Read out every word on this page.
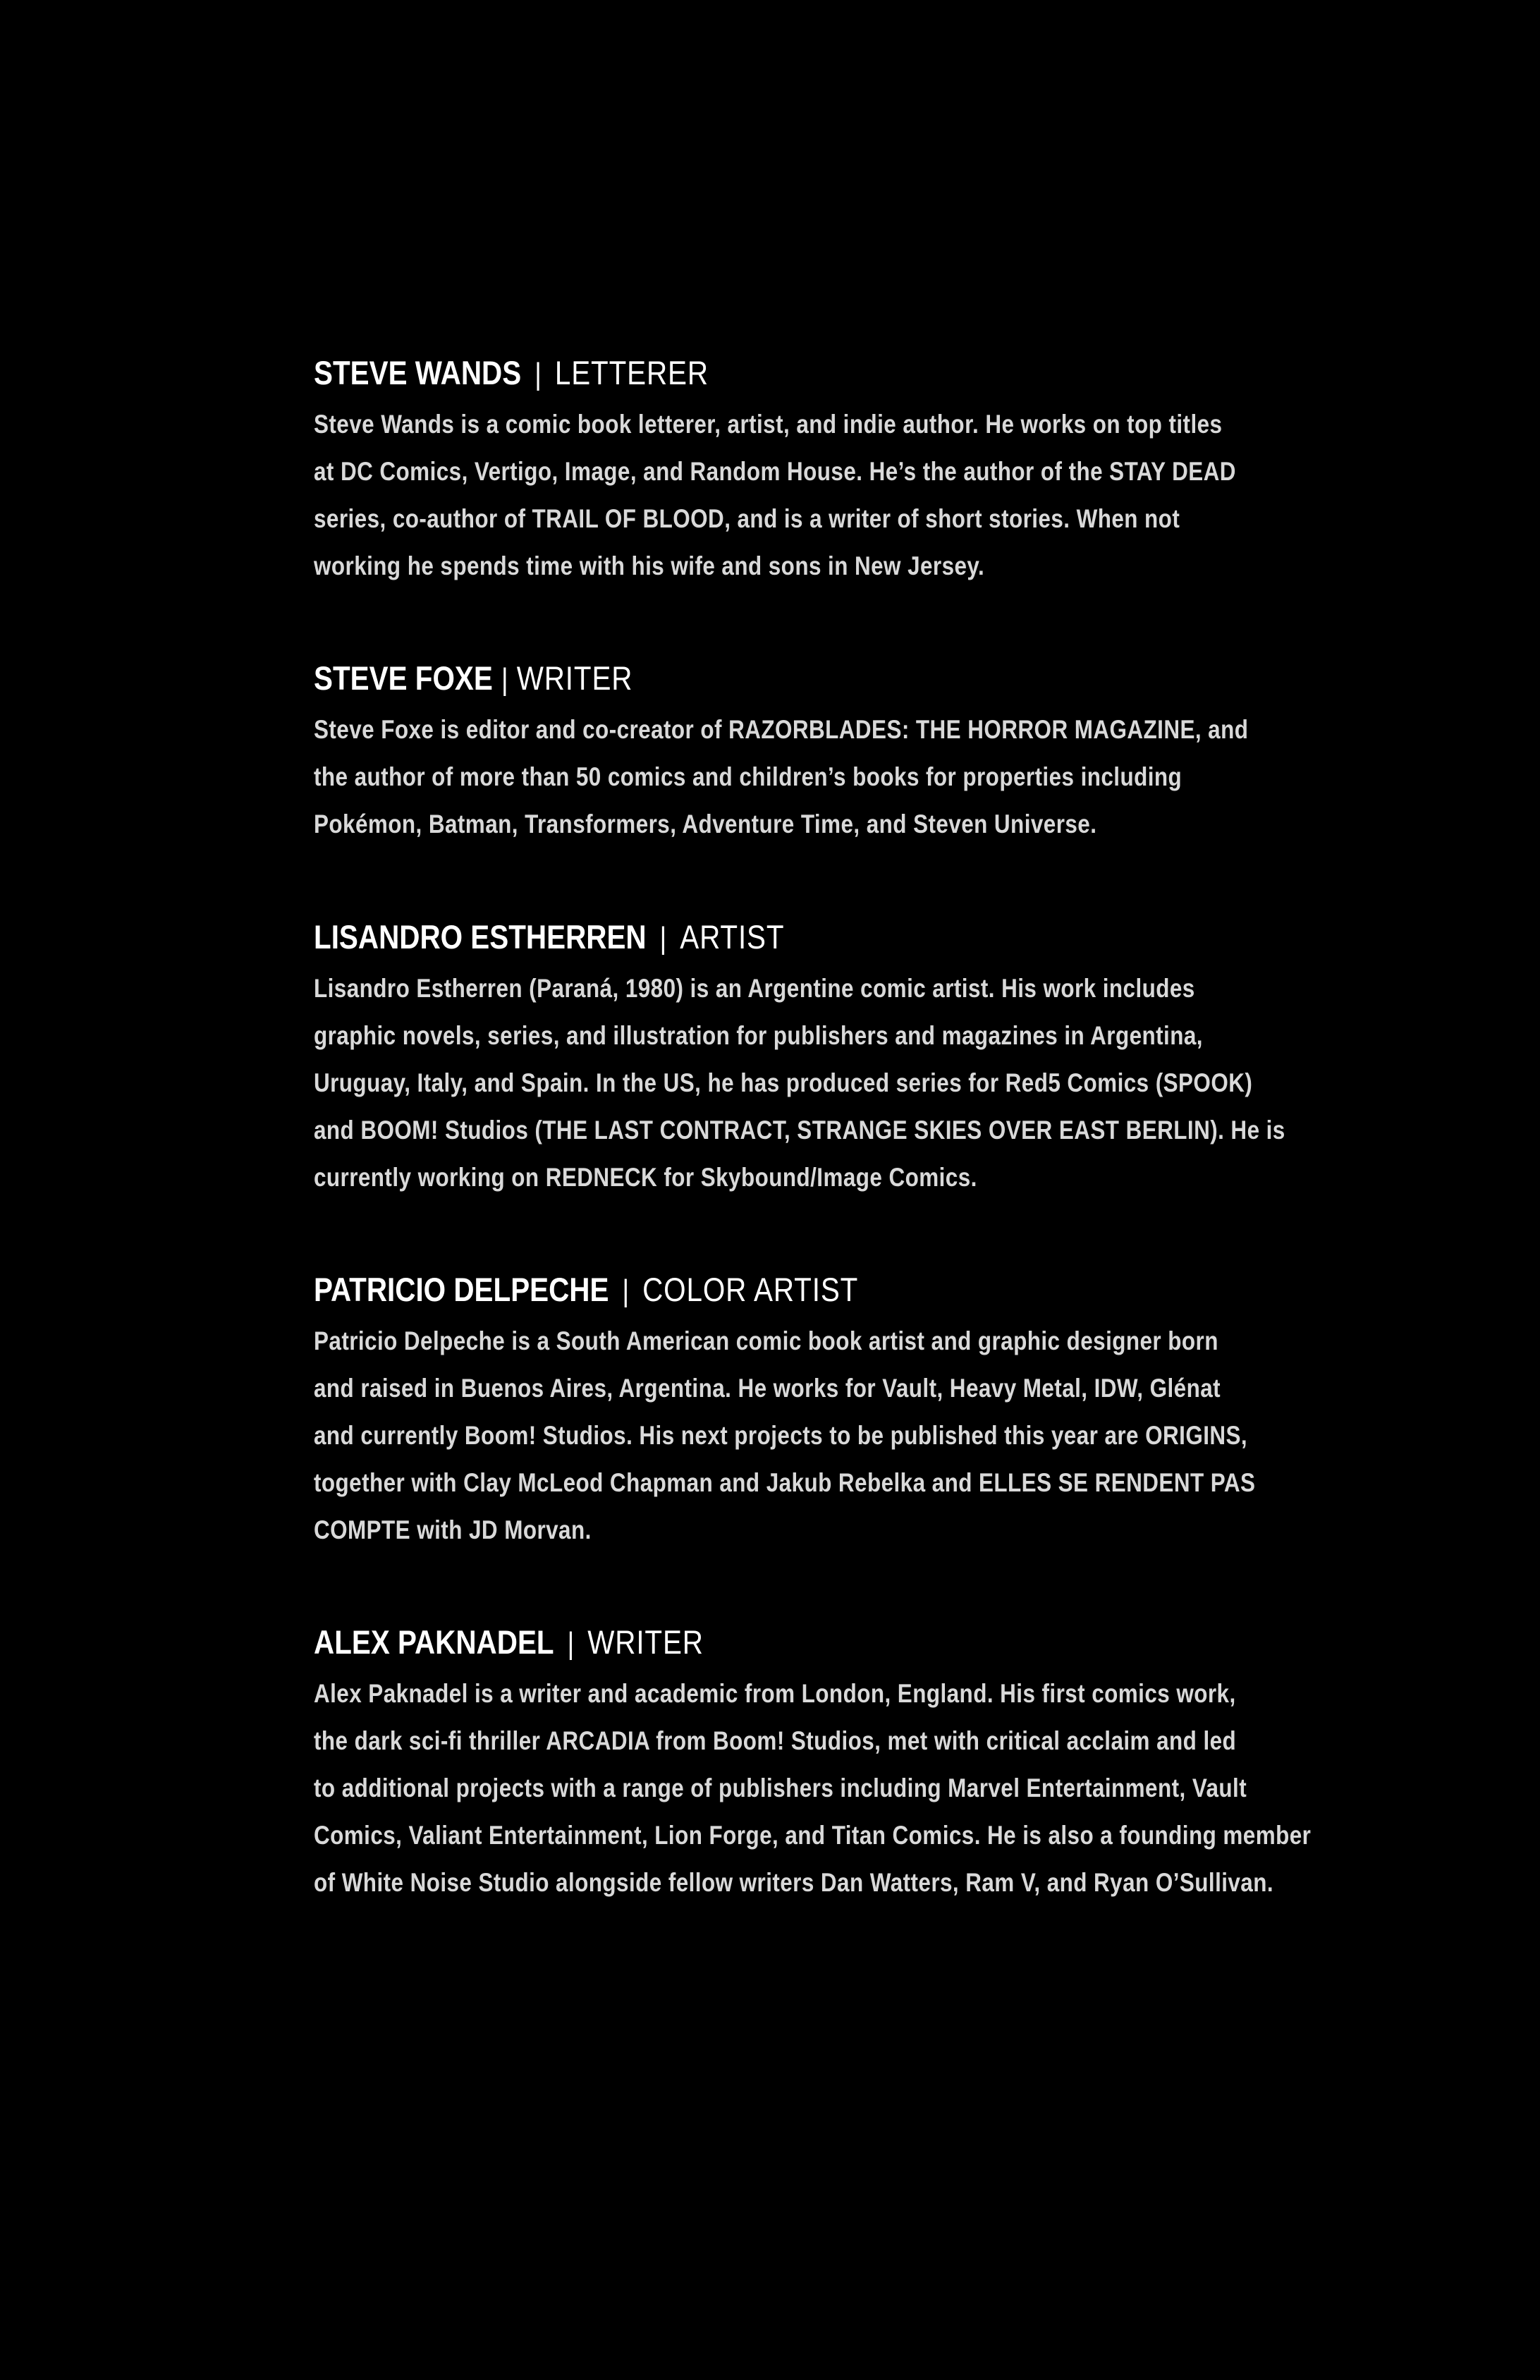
STEVE WANDS | LETTERER
Steve Wands is a comic book letterer, artist, and indie author. He works on top titles
at DC Comics, Vertigo, Image, and Random House. He’s the author of the STAY DEAD
series, co-author of TRAIL OF BLOOD, and is a writer of short stories. When not
working he spends time with his wife and sons in New Jersey.
STEVE FOXE | WRITER
Steve Foxe is editor and co-creator of RAZORBLADES: THE HORROR MAGAZINE, and
the author of more than 50 comics and children’s books for properties including
Pokémon, Batman, Transformers, Adventure Time, and Steven Universe.
LISANDRO ESTHERREN | ARTIST
Lisandro Estherren (Paraná, 1980) is an Argentine comic artist. His work includes
graphic novels, series, and illustration for publishers and magazines in Argentina,
Uruguay, Italy, and Spain. In the US, he has produced series for Red5 Comics (SPOOK)
and BOOM! Studios (THE LAST CONTRACT, STRANGE SKIES OVER EAST BERLIN). He is
currently working on REDNECK for Skybound/Image Comics.
PATRICIO DELPECHE | COLOR ARTIST
Patricio Delpeche is a South American comic book artist and graphic designer born
and raised in Buenos Aires, Argentina. He works for Vault, Heavy Metal, IDW, Glénat
and currently Boom! Studios. His next projects to be published this year are ORIGINS,
together with Clay McLeod Chapman and Jakub Rebelka and ELLES SE RENDENT PAS
COMPTE with JD Morvan.
ALEX PAKNADEL | WRITER
Alex Paknadel is a writer and academic from London, England. His first comics work,
the dark sci-fi thriller ARCADIA from Boom! Studios, met with critical acclaim and led
to additional projects with a range of publishers including Marvel Entertainment, Vault
Comics, Valiant Entertainment, Lion Forge, and Titan Comics. He is also a founding member
of White Noise Studio alongside fellow writers Dan Watters, Ram V, and Ryan O’Sullivan.
